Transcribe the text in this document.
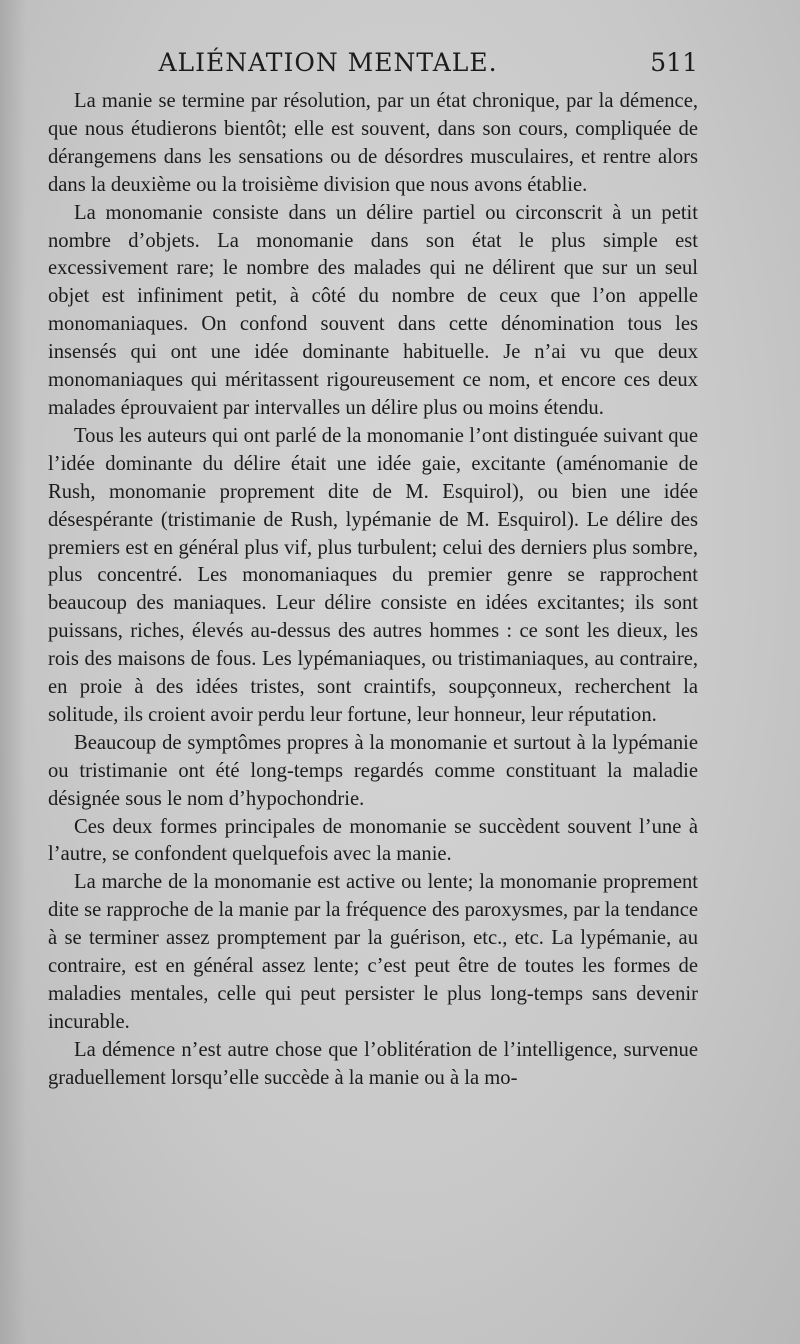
ALIÉNATION MENTALE.	511

La manie se termine par résolution, par un état chronique, par la démence, que nous étudierons bientôt; elle est souvent, dans son cours, compliquée de dérangemens dans les sensations ou de désordres musculaires, et rentre alors dans la deuxième ou la troisième division que nous avons établie.

La monomanie consiste dans un délire partiel ou circonscrit à un petit nombre d’objets. La monomanie dans son état le plus simple est excessivement rare; le nombre des malades qui ne délirent que sur un seul objet est infiniment petit, à côté du nombre de ceux que l’on appelle monomaniaques. On confond souvent dans cette dénomination tous les insensés qui ont une idée dominante habituelle. Je n’ai vu que deux monomaniaques qui méritassent rigoureusement ce nom, et encore ces deux malades éprouvaient par intervalles un délire plus ou moins étendu.

Tous les auteurs qui ont parlé de la monomanie l’ont distinguée suivant que l’idée dominante du délire était une idée gaie, excitante (aménomanie de Rush, monomanie proprement dite de M. Esquirol), ou bien une idée désespérante (tristimanie de Rush, lypémanie de M. Esquirol). Le délire des premiers est en général plus vif, plus turbulent; celui des derniers plus sombre, plus concentré. Les monomaniaques du premier genre se rapprochent beaucoup des maniaques. Leur délire consiste en idées excitantes; ils sont puissans, riches, élevés au-dessus des autres hommes : ce sont les dieux, les rois des maisons de fous. Les lypémaniaques, ou tristimaniaques, au contraire, en proie à des idées tristes, sont craintifs, soupçonneux, recherchent la solitude, ils croient avoir perdu leur fortune, leur honneur, leur réputation.

Beaucoup de symptômes propres à la monomanie et surtout à la lypémanie ou tristimanie ont été long-temps regardés comme constituant la maladie désignée sous le nom d’hypochondrie.

Ces deux formes principales de monomanie se succèdent souvent l’une à l’autre, se confondent quelquefois avec la manie.

La marche de la monomanie est active ou lente; la monomanie proprement dite se rapproche de la manie par la fréquence des paroxysmes, par la tendance à se terminer assez promptement par la guérison, etc., etc. La lypémanie, au contraire, est en général assez lente; c’est peut être de toutes les formes de maladies mentales, celle qui peut persister le plus long-temps sans devenir incurable.

La démence n’est autre chose que l’oblitération de l’intelligence, survenue graduellement lorsqu’elle succède à la manie ou à la mo-
